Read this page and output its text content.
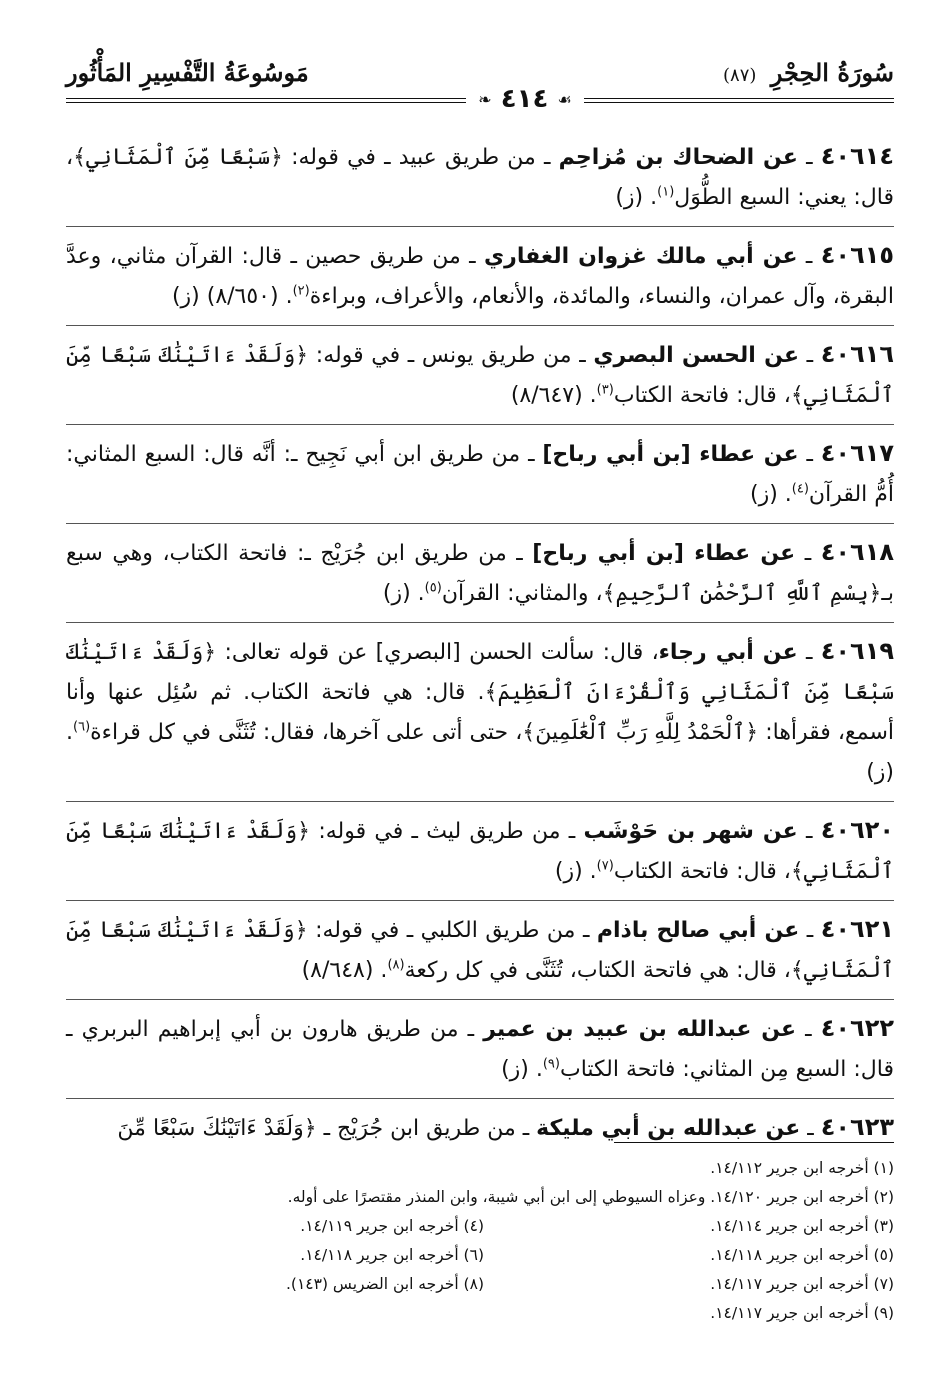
سُورَةُ الحِجْرِ (٨٧)
مَوسُوعَةُ التَّفْسِيرِ المَأْثُور
☙ ٤١٤ ❧
٤٠٦١٤ ـ عن الضحاك بن مُزاحِم ـ من طريق عبيد ـ في قوله: ﴿سَبْعًا مِّنَ ٱلْمَثَانِي﴾، قال: يعني: السبع الطُّوَل$^{(١)}$. (ز)
٤٠٦١٥ ـ عن أبي مالك غزوان الغفاري ـ من طريق حصين ـ قال: القرآن مثاني، وعدَّ البقرة، وآل عمران، والنساء، والمائدة، والأنعام، والأعراف، وبراءة$^{(٢)}$. (٨/٦٥٠) (ز)
٤٠٦١٦ ـ عن الحسن البصري ـ من طريق يونس ـ في قوله: ﴿وَلَقَدْ ءَاتَيْنَٰكَ سَبْعًا مِّنَ ٱلْمَثَانِي﴾، قال: فاتحة الكتاب$^{(٣)}$. (٨/٦٤٧)
٤٠٦١٧ ـ عن عطاء [بن أبي رباح] ـ من طريق ابن أبي نَجِيح ـ: أنَّه قال: السبع المثاني: أُمُّ القرآن$^{(٤)}$. (ز)
٤٠٦١٨ ـ عن عطاء [بن أبي رباح] ـ من طريق ابن جُرَيْج ـ: فاتحة الكتاب، وهي سبع بـ﴿بِسْمِ ٱللَّهِ ٱلرَّحْمَٰنِ ٱلرَّحِيمِ﴾، والمثاني: القرآن$^{(٥)}$. (ز)
٤٠٦١٩ ـ عن أبي رجاء، قال: سألت الحسن [البصري] عن قوله تعالى: ﴿وَلَقَدْ ءَاتَيْنَٰكَ سَبْعًا مِّنَ ٱلْمَثَانِي وَٱلْقُرْءَانَ ٱلْعَظِيمَ﴾. قال: هي فاتحة الكتاب. ثم سُئِل عنها وأنا أسمع، فقرأها: ﴿ٱلْحَمْدُ لِلَّهِ رَبِّ ٱلْعَٰلَمِينَ﴾، حتى أتى على آخرها، فقال: تُثَنَّى في كل قراءة$^{(٦)}$. (ز)
٤٠٦٢٠ ـ عن شهر بن حَوْشَب ـ من طريق ليث ـ في قوله: ﴿وَلَقَدْ ءَاتَيْنَٰكَ سَبْعًا مِّنَ ٱلْمَثَانِي﴾، قال: فاتحة الكتاب$^{(٧)}$. (ز)
٤٠٦٢١ ـ عن أبي صالح باذام ـ من طريق الكلبي ـ في قوله: ﴿وَلَقَدْ ءَاتَيْنَٰكَ سَبْعًا مِّنَ ٱلْمَثَانِي﴾، قال: هي فاتحة الكتاب، تُثَنَّى في كل ركعة$^{(٨)}$. (٨/٦٤٨)
٤٠٦٢٢ ـ عن عبدالله بن عبيد بن عمير ـ من طريق هارون بن أبي إبراهيم البربري ـ قال: السبع مِن المثاني: فاتحة الكتاب$^{(٩)}$. (ز)
٤٠٦٢٣ ـ عن عبدالله بن أبي مليكة ـ من طريق ابن جُرَيْج ـ ﴿وَلَقَدْ ءَاتَيْنَٰكَ سَبْعًا مِّنَ
(١) أخرجه ابن جرير ١٤/١١٢.
(٢) أخرجه ابن جرير ١٤/١٢٠. وعزاه السيوطي إلى ابن أبي شيبة، وابن المنذر مقتصرًا على أوله.
(٣) أخرجه ابن جرير ١٤/١١٤.
(٤) أخرجه ابن جرير ١٤/١١٩.
(٥) أخرجه ابن جرير ١٤/١١٨.
(٦) أخرجه ابن جرير ١٤/١١٨.
(٧) أخرجه ابن جرير ١٤/١١٧.
(٨) أخرجه ابن الضريس (١٤٣).
(٩) أخرجه ابن جرير ١٤/١١٧.
